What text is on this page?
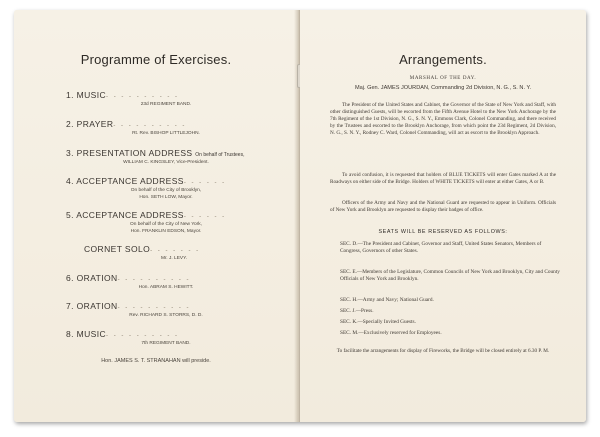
Programme of Exercises.
1. MUSIC- - - - - - - - - -
23d REGIMENT BAND.
2. PRAYER- - - - - - - - - -
Rt. Rev. BISHOP LITTLEJOHN.
3. PRESENTATION ADDRESS On behalf of Trustees,
WILLIAM C. KINGSLEY, Vice-President.
4. ACCEPTANCE ADDRESS- - - - - -
On behalf of the City of Brooklyn,
Hon. SETH LOW, Mayor.
5. ACCEPTANCE ADDRESS- - - - - -
On behalf of the City of New York,
Hon. FRANKLIN EDSON, Mayor.
CORNET SOLO- - - - - - -
Mr. J. LEVY.
6. ORATION- - - - - - - - - -
Hon. ABRAM S. HEWITT.
7. ORATION- - - - - - - - - -
Rev. RICHARD S. STORRS, D. D.
8. MUSIC- - - - - - - - - -
7th REGIMENT BAND.
Hon. JAMES S. T. STRANAHAN will preside.
Arrangements.
MARSHAL OF THE DAY.
Maj. Gen. JAMES JOURDAN, Commanding 2d Division, N. G., S. N. Y.
The President of the United States and Cabinet, the Governor of the State of New York and Staff, with other distinguished Guests, will be escorted from the Fifth Avenue Hotel to the New York Anchorage by the 7th Regiment of the 1st Division, N. G., S. N. Y., Emmons Clark, Colonel Commanding, and there received by the Trustees and escorted to the Brooklyn Anchorage, from which point the 23d Regiment, 2d Division, N. G., S. N. Y., Rodney C. Ward, Colonel Commanding, will act as escort to the Brooklyn Approach.
To avoid confusion, it is requested that holders of BLUE TICKETS will enter Gates marked A at the Roadways on either side of the Bridge. Holders of WHITE TICKETS will enter at either Gates, A or B.
Officers of the Army and Navy and the National Guard are requested to appear in Uniform. Officials of New York and Brooklyn are requested to display their badges of office.
SEATS WILL BE RESERVED AS FOLLOWS:
SEC. D.—The President and Cabinet, Governor and Staff, United States Senators, Members of Congress, Governors of other States.
SEC. E.—Members of the Legislature, Common Councils of New York and Brooklyn, City and County Officials of New York and Brooklyn.
SEC. H.—Army and Navy; National Guard.
SEC. J.—Press.
SEC. K.—Specially Invited Guests.
SEC. M.—Exclusively reserved for Employees.
To facilitate the arrangements for display of Fireworks, the Bridge will be closed entirely at 6.30 P. M.
